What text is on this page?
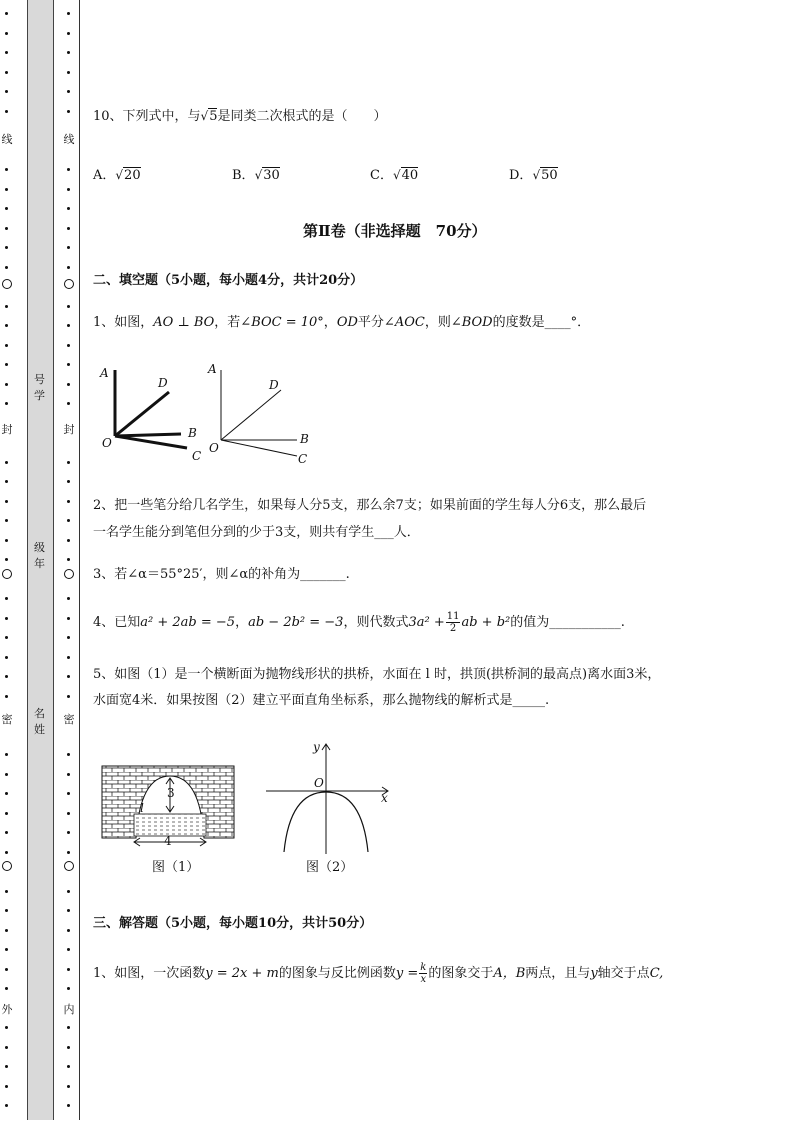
线
封
密
外
号
学
级
年
名
姓
线
封
密
内
10、下列式中，与√5是同类二次根式的是（　　）
A．√20	B．√30	C．√40	D．√50
第Ⅱ卷（非选择题　70分）
二、填空题（5小题，每小题4分，共计20分）
1、如图，AO ⊥ BO，若∠BOC = 10°，OD平分∠AOC，则∠BOD的度数是____°．
A
D
O
B
C
A
D
O
B
C
2、把一些笔分给几名学生，如果每人分5支，那么余7支；如果前面的学生每人分6支，那么最后
一名学生能分到笔但分到的少于3支，则共有学生___人．
3、若∠α＝55°25′，则∠α的补角为_______.
4、已知a² + 2ab = −5，ab − 2b² = −3，则代数式$3a^2 + \frac{11}{2}$ ab + b²的值为___________.
5、如图（1）是一个横断面为抛物线形状的拱桥，水面在 l 时，拱顶(拱桥洞的最高点)离水面3米，
水面宽4米．如果按图（2）建立平面直角坐标系，那么抛物线的解析式是_____.
3
l
4
图（1）
y
O
x
图（2）
三、解答题（5小题，每小题10分，共计50分）
1、如图，一次函数y = 2x + m的图象与反比例函数$y = \frac{k}{x}$ 的图象交于A，B两点，且与y轴交于点C,
